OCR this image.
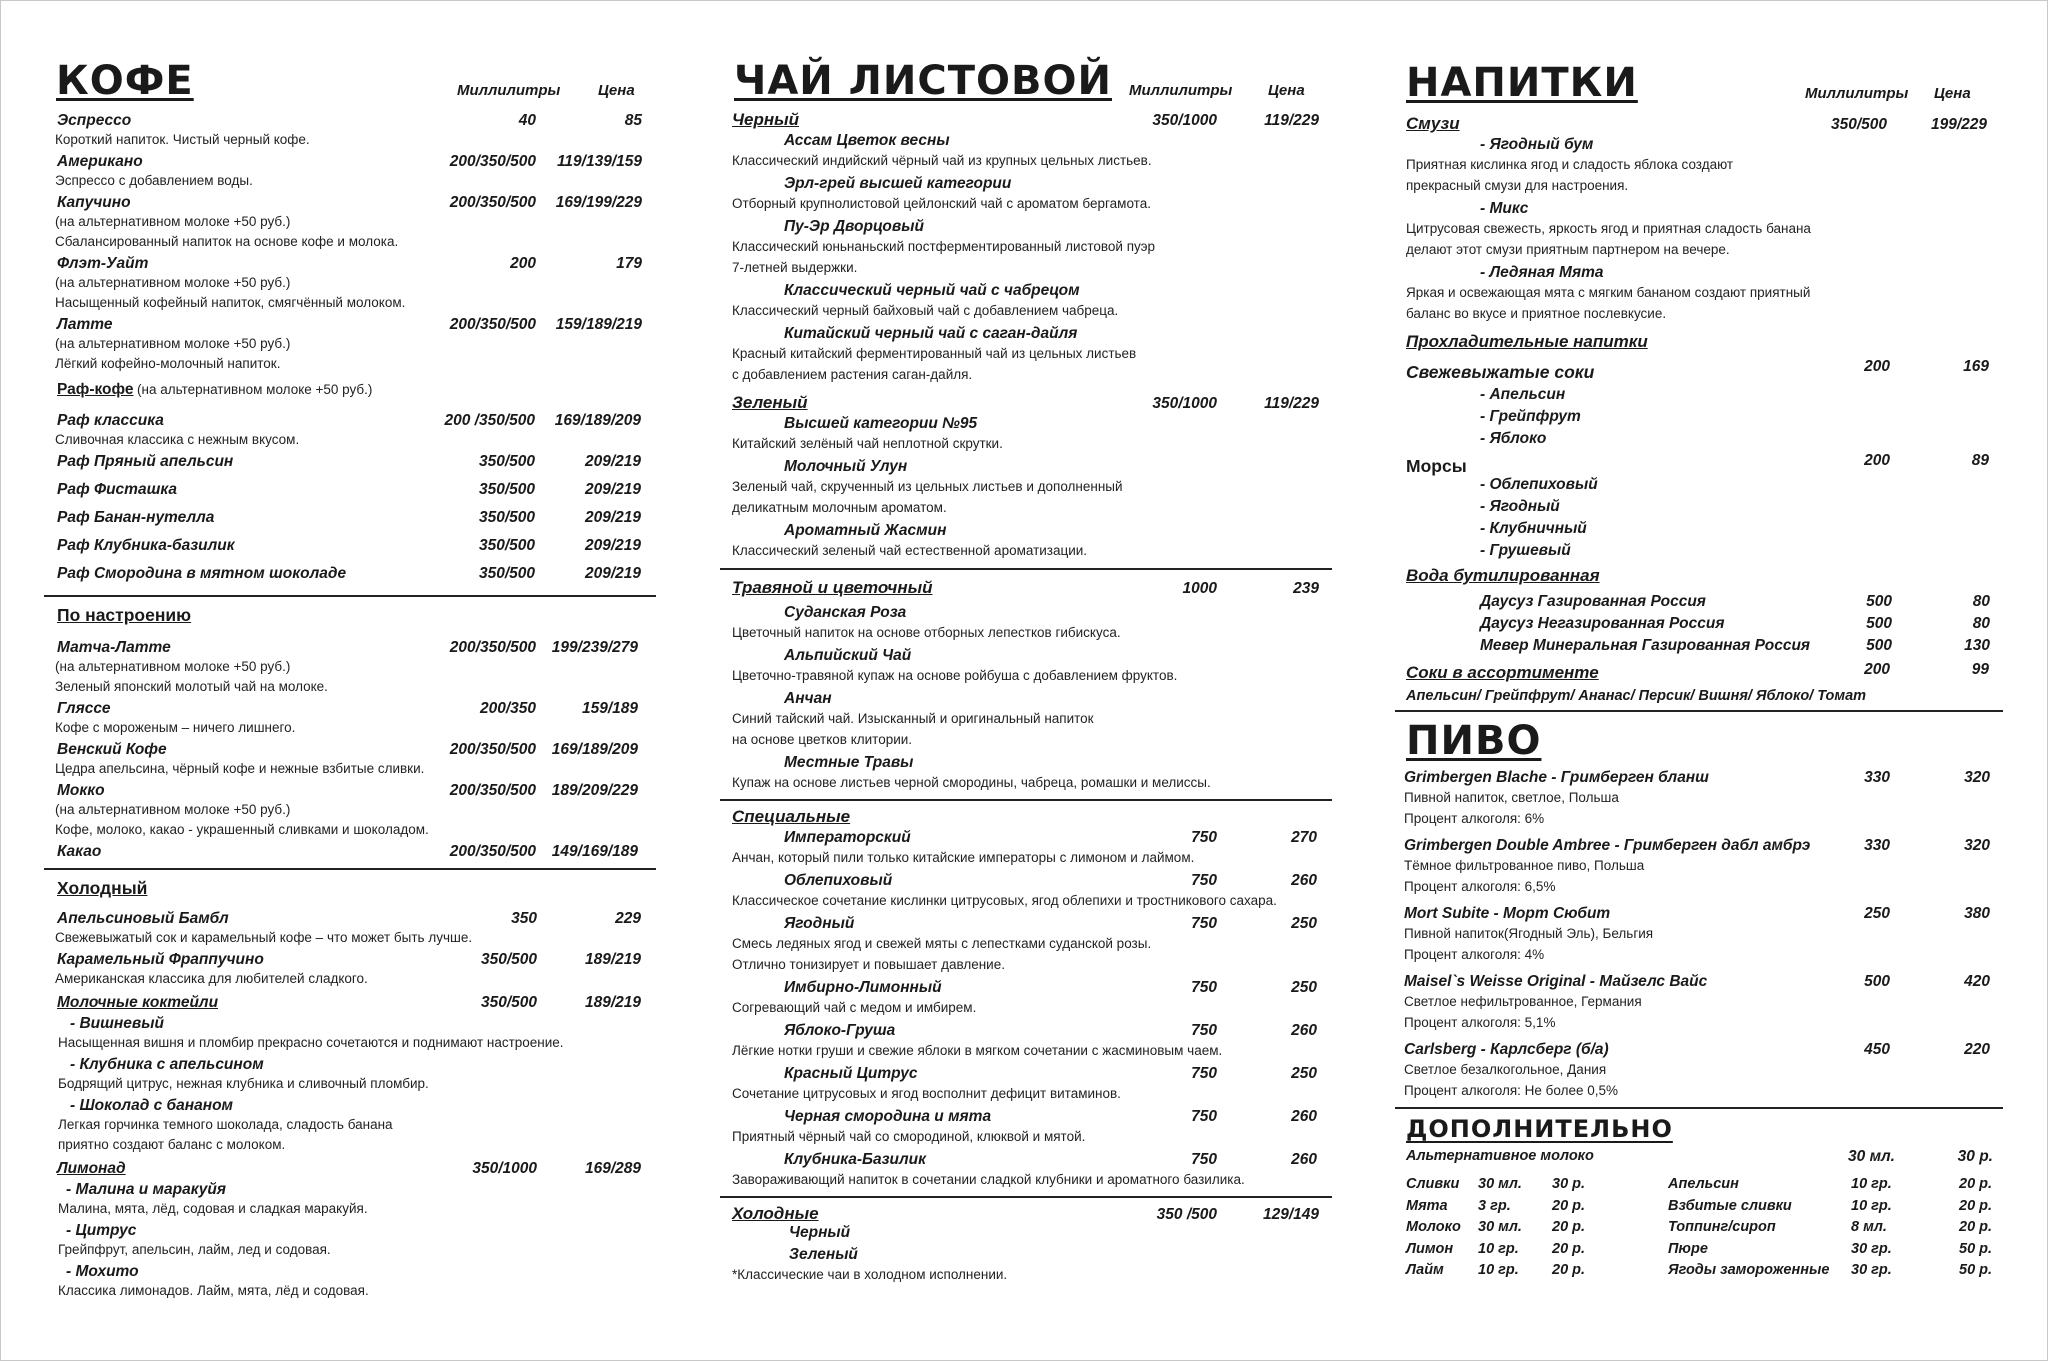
КОФЕ	Миллилитры	Цена
Эспрессо	40	85
Короткий напиток. Чистый черный кофе.
Американо	200/350/500 119/139/159
Эспрессо с добавлением воды.
Капучино	200/350/500 169/199/229
(на альтернативном молоке +50 руб.)
Сбалансированный напиток на основе кофе и молока.
Флэт-Уайт	200	179
(на альтернативном молоке +50 руб.)
Насыщенный кофейный напиток, смягчённый молоком.
Латте	200/350/500 159/189/219
(на альтернативном молоке +50 руб.)
Лёгкий кофейно-молочный напиток.
Раф-кофе (на альтернативном молоке +50 руб.)
Раф классика	200 /350/500 169/189/209
Сливочная классика с нежным вкусом.
Раф Пряный апельсин	350/500	209/219
Раф Фисташка	350/500	209/219
Раф Банан-нутелла	350/500	209/219
Раф Клубника-базилик	350/500	209/219
Раф Смородина в мятном шоколаде	350/500	209/219
По настроению
Матча-Латте	200/350/500 199/239/279
(на альтернативном молоке +50 руб.)
Зеленый японский молотый чай на молоке.
Гляссе	200/350	159/189
Кофе с мороженым – ничего лишнего.
Венский Кофе	200/350/500 169/189/209
Цедра апельсина, чёрный кофе и нежные взбитые сливки.
Мокко	200/350/500 189/209/229
(на альтернативном молоке +50 руб.)
Кофе, молоко, какао - украшенный сливками и шоколадом.
Какао	200/350/500 149/169/189
Холодный
Апельсиновый Бамбл	350	229
Свежевыжатый сок и карамельный кофе – что может быть лучше.
Карамельный Фраппучино	350/500	189/219
Американская классика для любителей сладкого.
Молочные коктейли	350/500	189/219
- Вишневый
Насыщенная вишня и пломбир прекрасно сочетаются и поднимают настроение.
- Клубника с апельсином
Бодрящий цитрус, нежная клубника и сливочный пломбир.
- Шоколад с бананом
Легкая горчинка темного шоколада, сладость банана
приятно создают баланс с молоком.
Лимонад	350/1000	169/289
- Малина и маракуйя
Малина, мята, лёд, содовая и сладкая маракуйя.
- Цитрус
Грейпфрут, апельсин, лайм, лед и содовая.
- Мохито
Классика лимонадов. Лайм, мята, лёд и содовая.
ЧАЙ ЛИСТОВОЙ Миллилитры Цена
Черный	350/1000	119/229
Ассам Цветок весны
Классический индийский чёрный чай из крупных цельных листьев.
Эрл-грей высшей категории
Отборный крупнолистовой цейлонский чай с ароматом бергамота.
Пу-Эр Дворцовый
Классический юньнаньский постферментированный листовой пуэр
7-летней выдержки.
Классический черный чай с чабрецом
Классический черный байховый чай с добавлением чабреца.
Китайский черный чай с саган-дайля
Красный китайский ферментированный чай из цельных листьев
с добавлением растения саган-дайля.
Зеленый	350/1000	119/229
Высшей категории №95
Китайский зелёный чай неплотной скрутки.
Молочный Улун
Зеленый чай, скрученный из цельных листьев и дополненный
деликатным молочным ароматом.
Ароматный Жасмин
Классический зеленый чай естественной ароматизации.
Травяной и цветочный	1000	239
Суданская Роза
Цветочный напиток на основе отборных лепестков гибискуса.
Альпийский Чай
Цветочно-травяной купаж на основе ройбуша с добавлением фруктов.
Анчан
Синий тайский чай. Изысканный и оригинальный напиток
на основе цветков клитории.
Местные Травы
Купаж на основе листьев черной смородины, чабреца, ромашки и мелиссы.
Специальные
Императорский	750	270
Анчан, который пили только китайские императоры с лимоном и лаймом.
Облепиховый	750	260
Классическое сочетание кислинки цитрусовых, ягод облепихи и тростникового сахара.
Ягодный	750	250
Смесь ледяных ягод и свежей мяты с лепестками суданской розы.
Отлично тонизирует и повышает давление.
Имбирно-Лимонный	750	250
Согревающий чай с медом и имбирем.
Яблоко-Груша	750	260
Лёгкие нотки груши и свежие яблоки в мягком сочетании с жасминовым чаем.
Красный Цитрус	750	250
Сочетание цитрусовых и ягод восполнит дефицит витаминов.
Черная смородина и мята	750	260
Приятный чёрный чай со смородиной, клюквой и мятой.
Клубника-Базилик	750	260
Завораживающий напиток в сочетании сладкой клубники и ароматного базилика.
Холодные	350 /500	129/149
Черный
Зеленый
*Классические чаи в холодном исполнении.
НАПИТКИ	Миллилитры Цена
Смузи	350/500	199/229
- Ягодный бум
Приятная кислинка ягод и сладость яблока создают
прекрасный смузи для настроения.
- Микс
Цитрусовая свежесть, яркость ягод и приятная сладость банана
делают этот смузи приятным партнером на вечере.
- Ледяная Мята
Яркая и освежающая мята с мягким бананом создают приятный
баланс во вкусе и приятное послевкусие.
Прохладительные напитки
Свежевыжатые соки	200	169
- Апельсин
- Грейпфрут
- Яблоко
Морсы	200	89
- Облепиховый
- Ягодный
- Клубничный
- Грушевый
Вода бутилированная
Даусуз Газированная Россия	500	80
Даусуз Негазированная Россия	500	80
Мевер Минеральная Газированная Россия	500	130
Соки в ассортименте	200	99
Апельсин/ Грейпфрут/ Ананас/ Персик/ Вишня/ Яблоко/ Томат
ПИВО
Grimbergen Blache - Гримберген бланш	330	320
Пивной напиток, светлое, Польша
Процент алкоголя: 6%
Grimbergen Double Ambree - Гримберген дабл амбрэ	330	320
Тёмное фильтрованное пиво, Польша
Процент алкоголя: 6,5%
Mort Subite - Морт Сюбит	250	380
Пивной напиток(Ягодный Эль), Бельгия
Процент алкоголя: 4%
Maisel`s Weisse Original - Майзелс Вайс	500	420
Светлое нефильтрованное, Германия
Процент алкоголя: 5,1%
Carlsberg - Карлсберг (б/а)	450	220
Светлое безалкогольное, Дания
Процент алкоголя: Не более 0,5%
ДОПОЛНИТЕЛЬНО
Альтернативное молоко	30 мл.	30 р.
Сливки 30 мл. 30 р.
Мята 3 гр.	20 р.
Молоко 30 мл. 20 р.
Лимон 10 гр. 20 р.
Лайм 10 гр. 20 р.
Апельсин	10 гр.	20 р.
Взбитые сливки	10 гр.	20 р.
Топпинг/сироп	8 мл.	20 р.
Пюре	30 гр.	50 р.
Ягоды замороженные 30 гр.	50 р.
